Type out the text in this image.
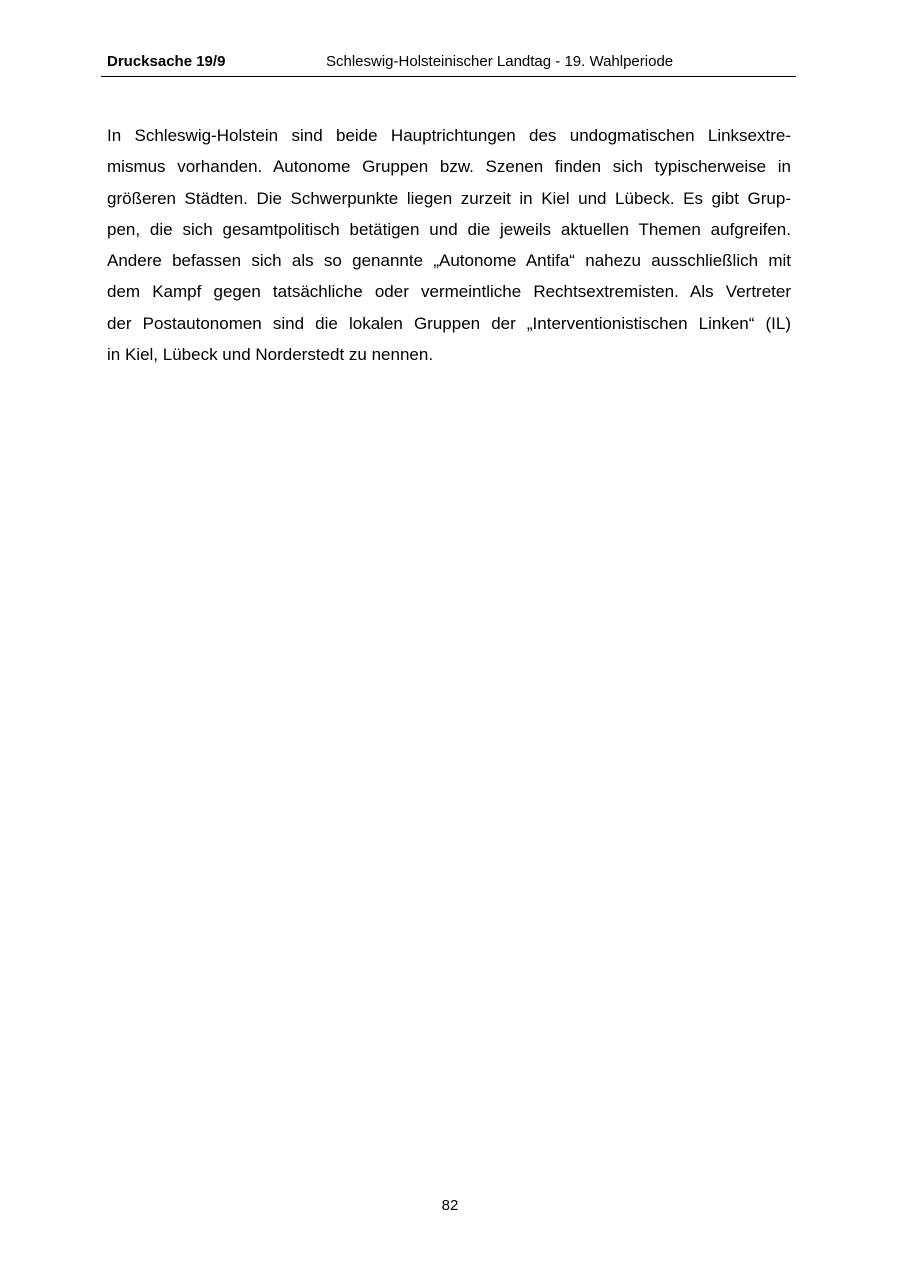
Drucksache 19/9	Schleswig-Holsteinischer Landtag - 19. Wahlperiode
In Schleswig-Holstein sind beide Hauptrichtungen des undogmatischen Linksextre-
mismus vorhanden. Autonome Gruppen bzw. Szenen finden sich typischerweise in
größeren Städten. Die Schwerpunkte liegen zurzeit in Kiel und Lübeck. Es gibt Grup-
pen, die sich gesamtpolitisch betätigen und die jeweils aktuellen Themen aufgreifen.
Andere befassen sich als so genannte „Autonome Antifa“ nahezu ausschließlich mit
dem Kampf gegen tatsächliche oder vermeintliche Rechtsextremisten. Als Vertreter
der Postautonomen sind die lokalen Gruppen der „Interventionistischen Linken“ (IL)
in Kiel, Lübeck und Norderstedt zu nennen.
82
